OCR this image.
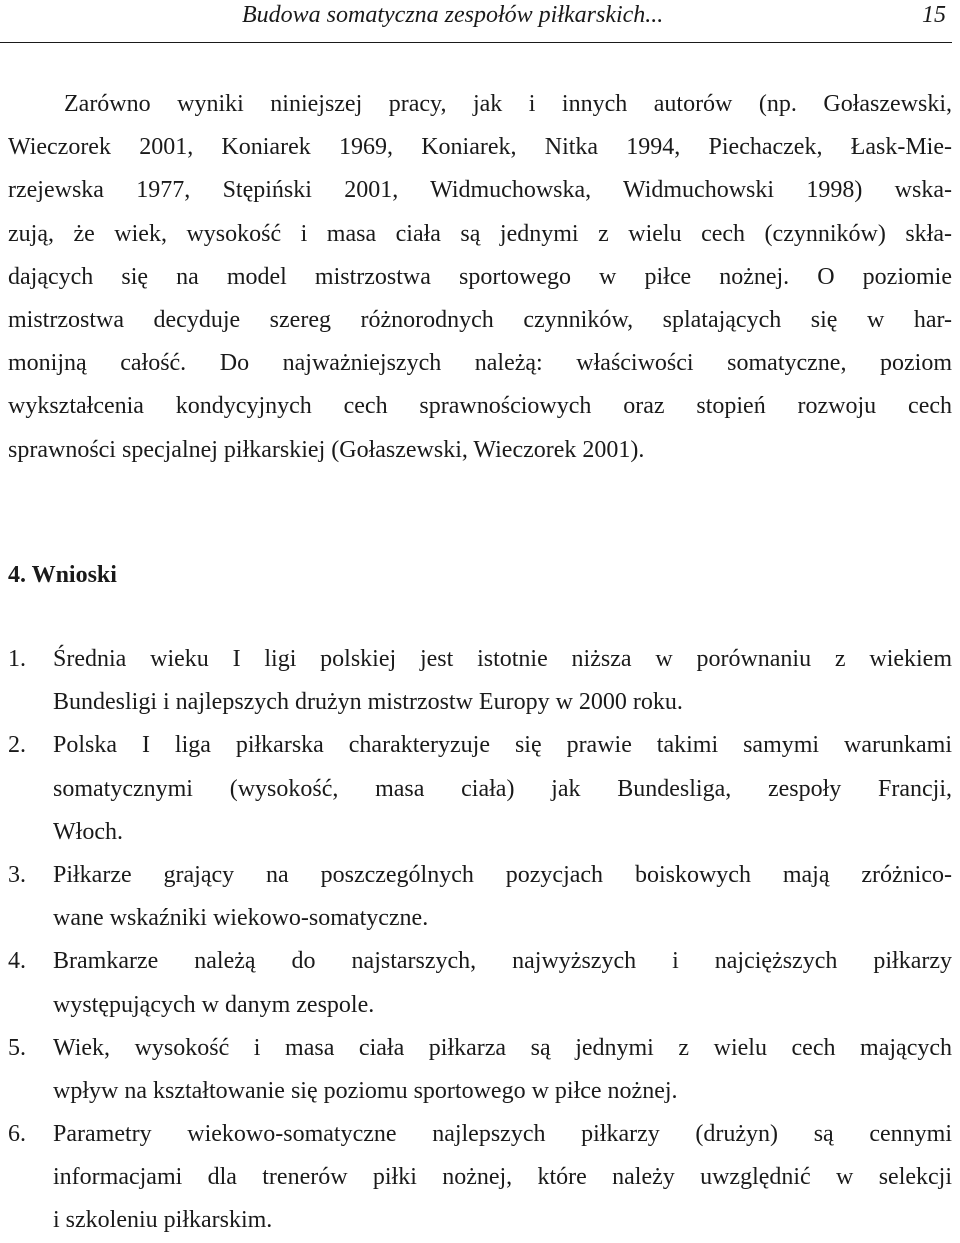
Budowa somatyczna zespołów piłkarskich...	15
Zarówno wyniki niniejszej pracy, jak i innych autorów (np. Gołaszewski,
Wieczorek 2001, Koniarek 1969, Koniarek, Nitka 1994, Piechaczek, Łask-Mie-
rzejewska 1977, Stępiński 2001, Widmuchowska, Widmuchowski 1998) wska-
zują, że wiek, wysokość i masa ciała są jednymi z wielu cech (czynników) skła-
dających się na model mistrzostwa sportowego w piłce nożnej. O poziomie
mistrzostwa decyduje szereg różnorodnych czynników, splatających się w har-
monijną całość. Do najważniejszych należą: właściwości somatyczne, poziom
wykształcenia kondycyjnych cech sprawnościowych oraz stopień rozwoju cech
sprawności specjalnej piłkarskiej (Gołaszewski, Wieczorek 2001).
4. Wnioski
1. Średnia wieku I ligi polskiej jest istotnie niższa w porównaniu z wiekiem
Bundesligi i najlepszych drużyn mistrzostw Europy w 2000 roku.
2. Polska I liga piłkarska charakteryzuje się prawie takimi samymi warunkami
somatycznymi (wysokość, masa ciała) jak Bundesliga, zespoły Francji,
Włoch.
3. Piłkarze grający na poszczególnych pozycjach boiskowych mają zróżnico-
wane wskaźniki wiekowo-somatyczne.
4. Bramkarze należą do najstarszych, najwyższych i najcięższych piłkarzy
występujących w danym zespole.
5. Wiek, wysokość i masa ciała piłkarza są jednymi z wielu cech mających
wpływ na kształtowanie się poziomu sportowego w piłce nożnej.
6. Parametry wiekowo-somatyczne najlepszych piłkarzy (drużyn) są cennymi
informacjami dla trenerów piłki nożnej, które należy uwzględnić w selekcji
i szkoleniu piłkarskim.
